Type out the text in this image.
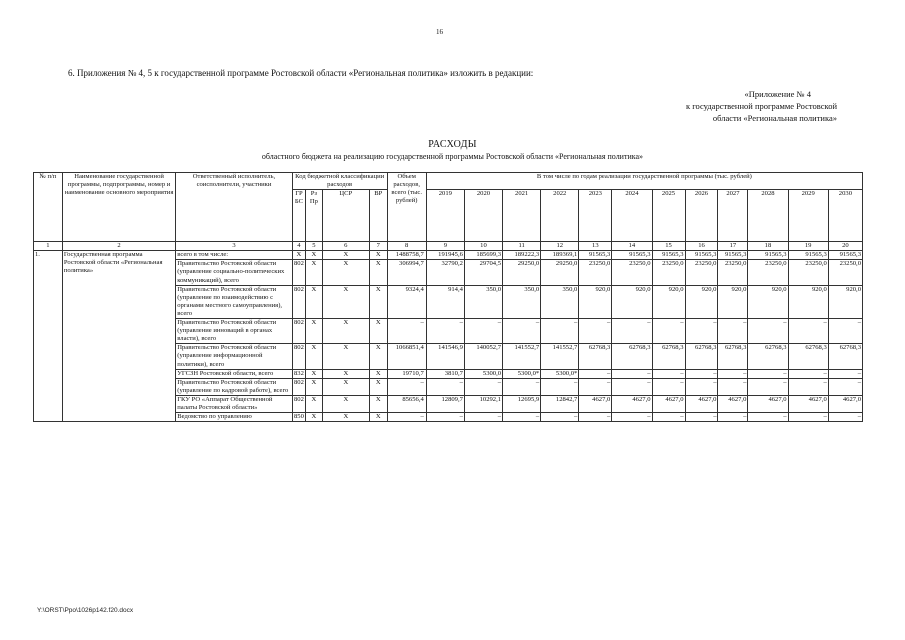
16
6. Приложения № 4, 5 к государственной программе Ростовской области «Региональная политика» изложить в редакции:
«Приложение № 4
к государственной программе Ростовской
области «Региональная политика»
РАСХОДЫ
областного бюджета на реализацию государственной программы Ростовской области «Региональная политика»
№ п/п	Наименование государственной программы, подпрограммы, номер и наименование основного мероприятия	Ответственный исполнитель, соисполнители, участники	Код бюджетной классификации расходов				Объем расходов, всего (тыс. рублей)	В том числе по годам реализации государственной программы (тыс. рублей)											
			ГР БС	Рз Пр	ЦСР	ВР		2019	2020	2021	2022	2023	2024	2025	2026	2027	2028	2029	2030
1	2	3	4	5	6	7	8	9	10	11	12	13	14	15	16	17	18	19	20
1.	Государственная программа Ростовской области «Региональная политика»	всего в том числе:	X	X	X	X	1488758,7	191945,6	185699,3	189222,3	189369,1	91565,3	91565,3	91565,3	91565,3	91565,3	91565,3	91565,3	91565,3
		Правительство Ростовской области (управление социально-политических коммуникаций), всего	802	X	X	X	306994,7	32790,2	29704,5	29250,0	29250,0	23250,0	23250,0	23250,0	23250,0	23250,0	23250,0	23250,0	23250,0
		Правительство Ростовской области (управление по взаимодействию с органами местного самоуправления), всего	802	X	X	X	9324,4	914,4	350,0	350,0	350,0	920,0	920,0	920,0	920,0	920,0	920,0	920,0	920,0
		Правительство Ростовской области (управление инноваций в органах власти), всего	802	X	X	X	–	–	–	–	–	–	–	–	–	–	–	–	–
		Правительство Ростовской области (управление информационной политики), всего	802	X	X	X	1066851,4	141546,9	140052,7	141552,7	141552,7	62768,3	62768,3	62768,3	62768,3	62768,3	62768,3	62768,3	62768,3
		УГСЗН Ростовской области, всего	832	X	X	X	19710,7	3810,7	5300,0	5300,0*	5300,0*	–	–	–	–	–	–	–	–
		Правительство Ростовской области (управление по кадровой работе), всего	802	X	X	X	–	–	–	–	–	–	–	–	–	–	–	–	–
		ГКУ РО «Аппарат Общественной палаты Ростовской области»	802	X	X	X	85656,4	12809,7	10292,1	12695,9	12842,7	4627,0	4627,0	4627,0	4627,0	4627,0	4627,0	4627,0	4627,0
		Ведомство по управлению	850	X	X	X	–	–	–	–	–	–	–	–	–	–	–	–	–
Y:\ORST\Ppo\1026p142.f20.docx
